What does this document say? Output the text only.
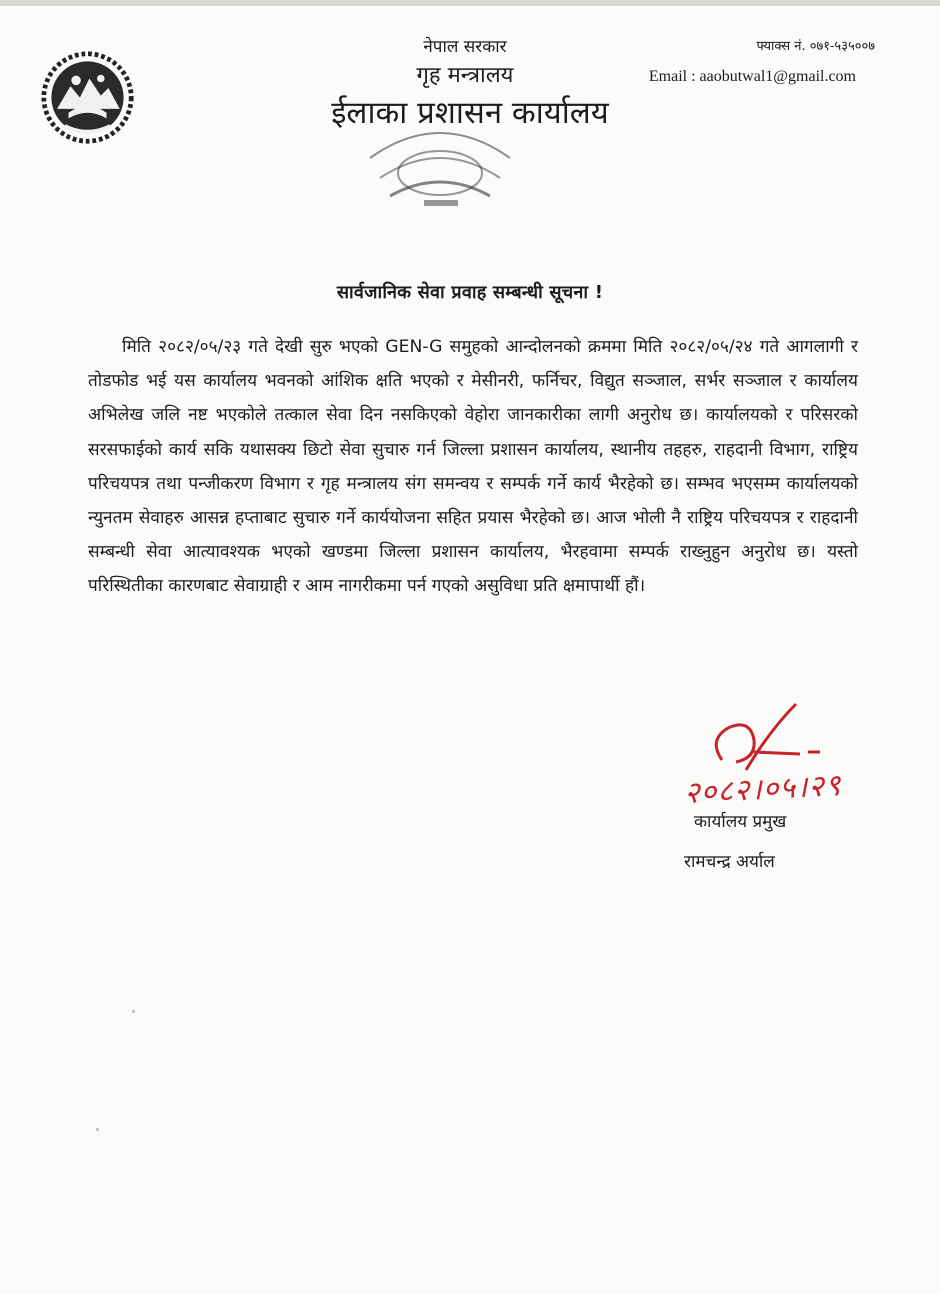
नेपाल सरकार
गृह मन्त्रालय
ईलाका प्रशासन कार्यालय
फ्याक्स नं. ०७१-५३५००७
Email : aaobutwal1@gmail.com
सार्वजानिक सेवा प्रवाह सम्बन्धी सूचना !
मिति २०८२/०५/२३ गते देखी सुरु भएको GEN-G समुहको आन्दोलनको क्रममा मिति २०८२/०५/२४ गते आगलागी र तोडफोड भई यस कार्यालय भवनको आंशिक क्षति भएको र मेसीनरी, फर्निचर, विद्युत सञ्जाल, सर्भर सञ्जाल र कार्यालय अभिलेख जलि नष्ट भएकोले तत्काल सेवा दिन नसकिएको वेहोरा जानकारीका लागी अनुरोध छ। कार्यालयको र परिसरको सरसफाईको कार्य सकि यथासक्य छिटो सेवा सुचारु गर्न जिल्ला प्रशासन कार्यालय, स्थानीय तहहरु, राहदानी विभाग, राष्ट्रिय परिचयपत्र तथा पन्जीकरण विभाग र गृह मन्त्रालय संग समन्वय र सम्पर्क गर्ने कार्य भैरहेको छ। सम्भव भएसम्म कार्यालयको न्युनतम सेवाहरु आसन्न हप्ताबाट सुचारु गर्ने कार्ययोजना सहित प्रयास भैरहेको छ। आज भोली नै राष्ट्रिय परिचयपत्र र राहदानी सम्बन्धी सेवा आत्यावश्यक भएको खण्डमा जिल्ला प्रशासन कार्यालय, भैरहवामा सम्पर्क राख्नुहुन अनुरोध छ। यस्तो परिस्थितीका कारणबाट सेवाग्राही र आम नागरीकमा पर्न गएको असुविधा प्रति क्षमापार्थी हौं।
२०८२।०५।२९
कार्यालय प्रमुख
रामचन्द्र अर्याल
